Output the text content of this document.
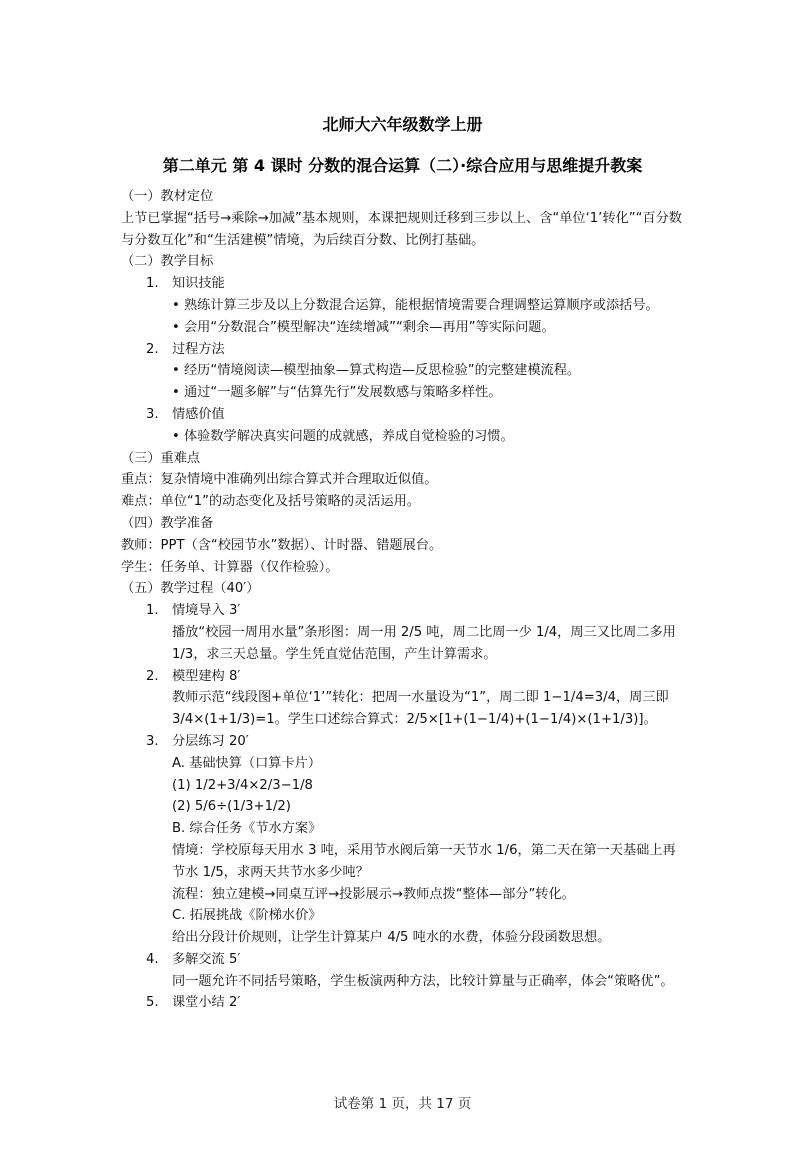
北师大六年级数学上册
第二单元 第 4 课时 分数的混合运算（二）·综合应用与思维提升教案
（一）教材定位
上节已掌握“括号→乘除→加减”基本规则，本课把规则迁移到三步以上、含“单位‘1’转化”“百分数与分数互化”和“生活建模”情境，为后续百分数、比例打基础。
（二）教学目标
1. 知识技能
• 熟练计算三步及以上分数混合运算，能根据情境需要合理调整运算顺序或添括号。
• 会用“分数混合”模型解决“连续增减”“剩余—再用”等实际问题。
2. 过程方法
• 经历“情境阅读—模型抽象—算式构造—反思检验”的完整建模流程。
• 通过“一题多解”与“估算先行”发展数感与策略多样性。
3. 情感价值
• 体验数学解决真实问题的成就感，养成自觉检验的习惯。
（三）重难点
重点：复杂情境中准确列出综合算式并合理取近似值。
难点：单位“1”的动态变化及括号策略的灵活运用。
（四）教学准备
教师：PPT（含“校园节水”数据）、计时器、错题展台。
学生：任务单、计算器（仅作检验）。
（五）教学过程（40′）
1. 情境导入 3′
播放“校园一周用水量”条形图：周一用 2/5 吨，周二比周一少 1/4，周三又比周二多用 1/3，求三天总量。学生凭直觉估范围，产生计算需求。
2. 模型建构 8′
教师示范“线段图+单位‘1’”转化：把周一水量设为“1”，周二即 1−1/4=3/4，周三即 3/4×(1+1/3)=1。学生口述综合算式：2/5×[1+(1−1/4)+(1−1/4)×(1+1/3)]。
3. 分层练习 20′
A. 基础快算（口算卡片）
(1) 1/2+3/4×2/3−1/8
(2) 5/6÷(1/3+1/2)
B. 综合任务《节水方案》
情境：学校原每天用水 3 吨，采用节水阀后第一天节水 1/6，第二天在第一天基础上再节水 1/5，求两天共节水多少吨？
流程：独立建模→同桌互评→投影展示→教师点拨“整体—部分”转化。
C. 拓展挑战《阶梯水价》
给出分段计价规则，让学生计算某户 4/5 吨水的水费，体验分段函数思想。
4. 多解交流 5′
同一题允许不同括号策略，学生板演两种方法，比较计算量与正确率，体会“策略优”。
5. 课堂小结 2′
试卷第 1 页，共 17 页
